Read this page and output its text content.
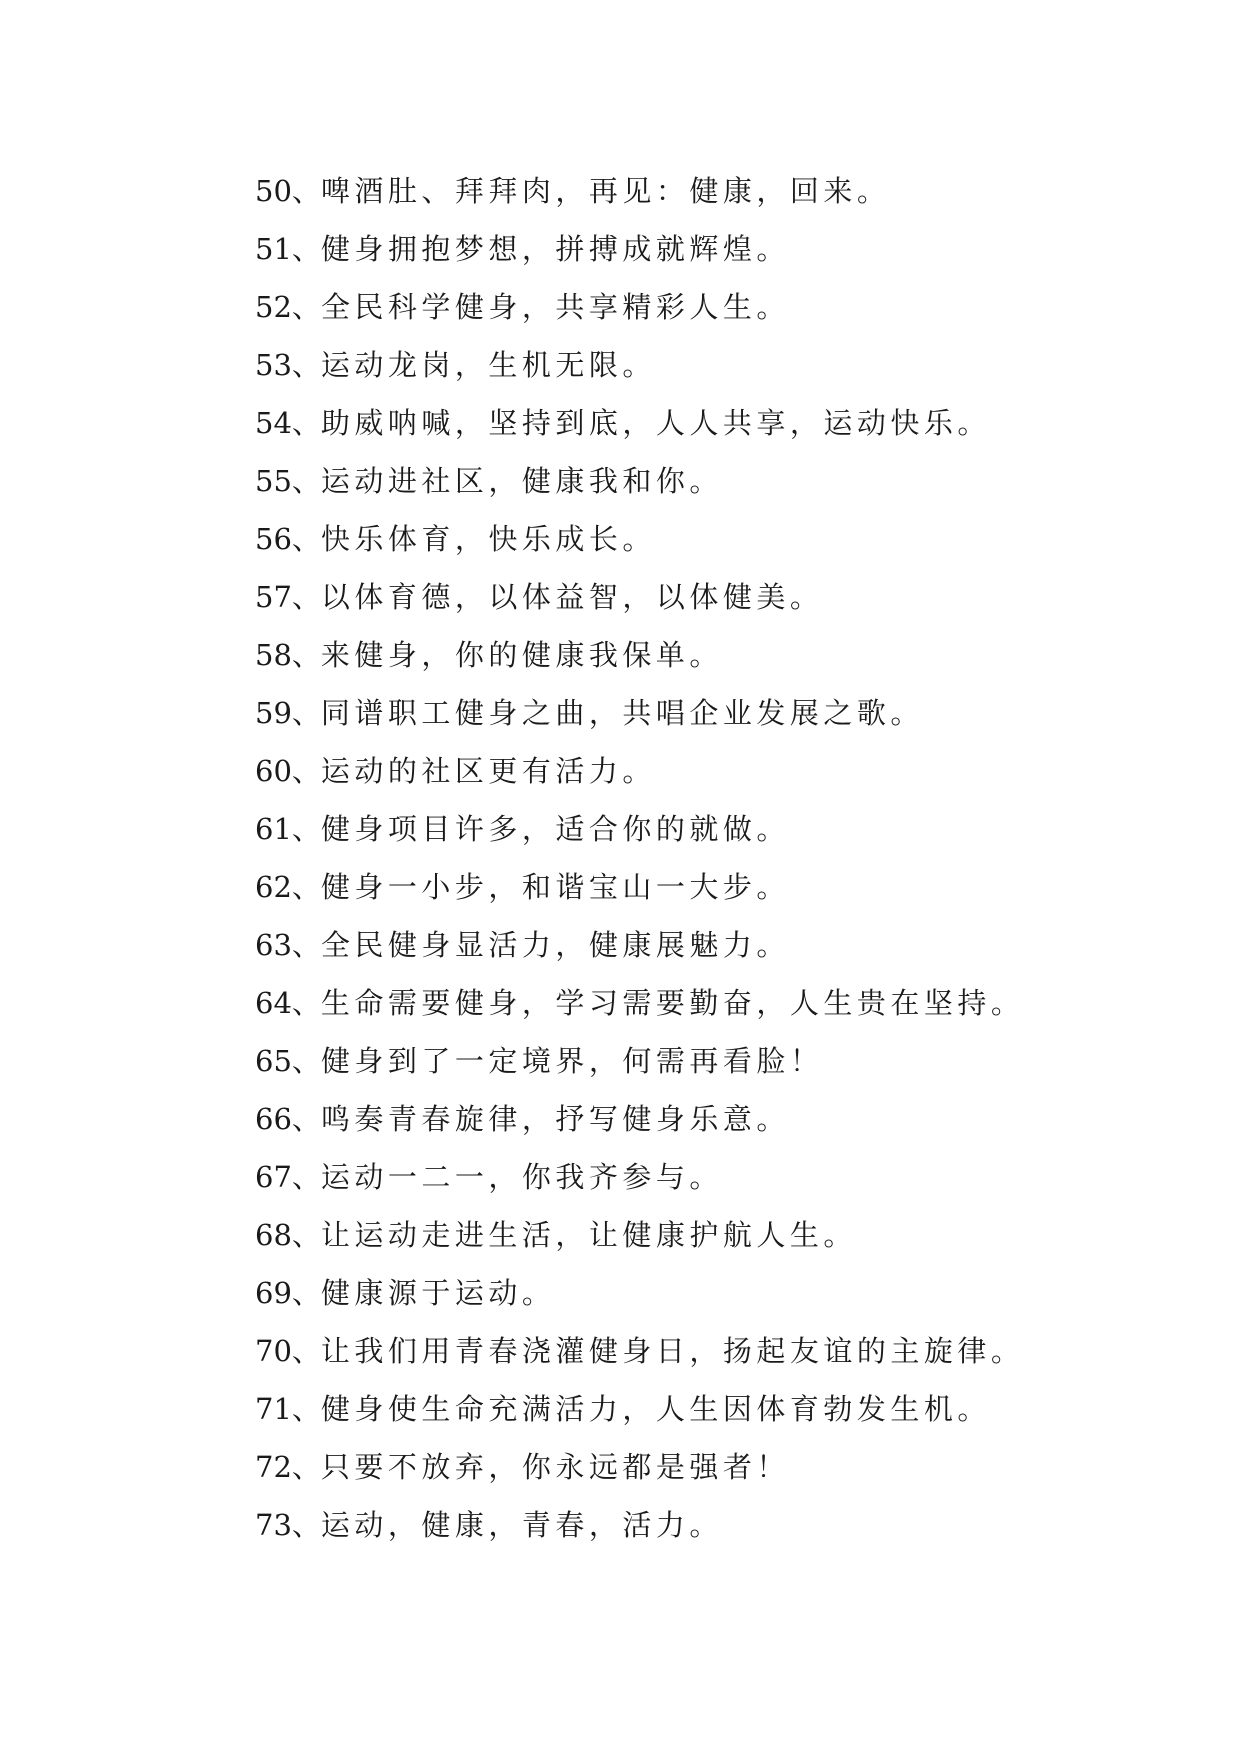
50、啤酒肚、拜拜肉，再见：健康，回来。
51、健身拥抱梦想，拼搏成就辉煌。
52、全民科学健身，共享精彩人生。
53、运动龙岗，生机无限。
54、助威呐喊，坚持到底，人人共享，运动快乐。
55、运动进社区，健康我和你。
56、快乐体育，快乐成长。
57、以体育德，以体益智，以体健美。
58、来健身，你的健康我保单。
59、同谱职工健身之曲，共唱企业发展之歌。
60、运动的社区更有活力。
61、健身项目许多，适合你的就做。
62、健身一小步，和谐宝山一大步。
63、全民健身显活力，健康展魅力。
64、生命需要健身，学习需要勤奋，人生贵在坚持。
65、健身到了一定境界，何需再看脸！
66、鸣奏青春旋律，抒写健身乐意。
67、运动一二一，你我齐参与。
68、让运动走进生活，让健康护航人生。
69、健康源于运动。
70、让我们用青春浇灌健身日，扬起友谊的主旋律。
71、健身使生命充满活力，人生因体育勃发生机。
72、只要不放弃，你永远都是强者！
73、运动，健康，青春，活力。
